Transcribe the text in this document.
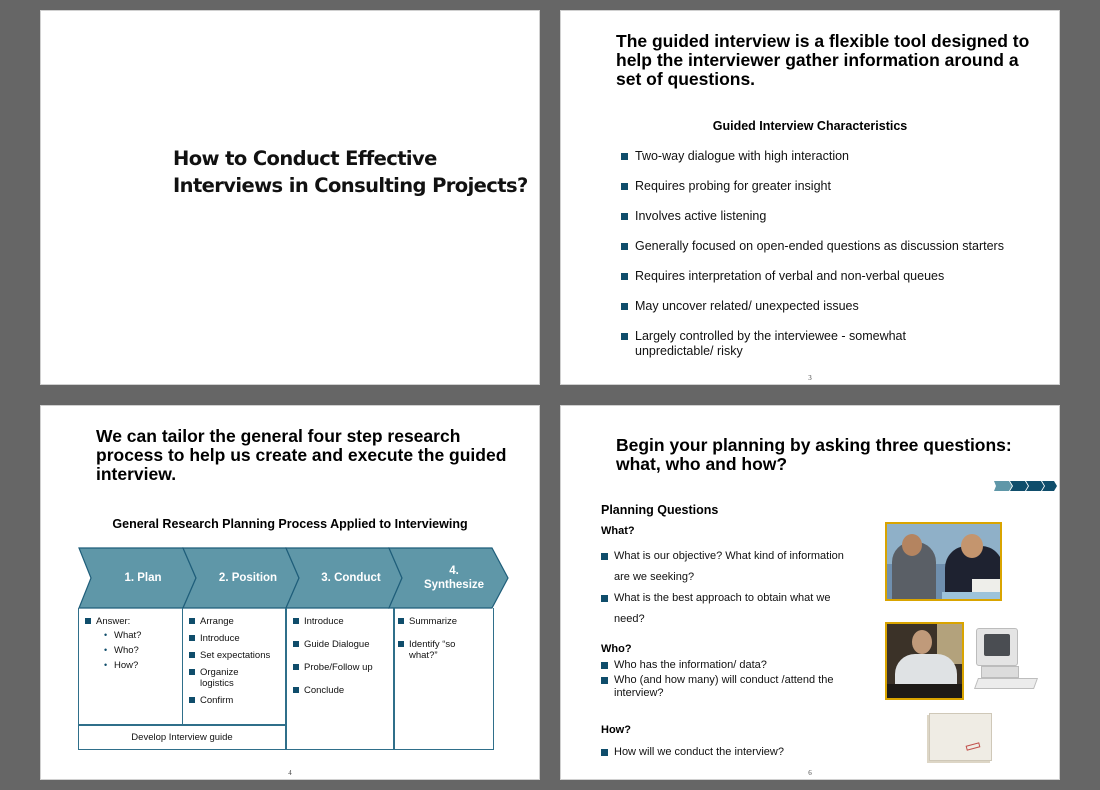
How to Conduct Effective Interviews in Consulting Projects?
The guided interview is a flexible tool designed to help the interviewer gather information around a set of questions.
Guided Interview Characteristics
Two-way dialogue with high interaction
Requires probing for greater insight
Involves active listening
Generally focused on open-ended questions as discussion starters
Requires interpretation of verbal and non-verbal queues
May uncover related/ unexpected issues
Largely controlled by the interviewee - somewhat unpredictable/ risky
3
We can tailor the general four step research process to help us create and execute the guided interview.
General Research Planning Process Applied to Interviewing
1. Plan	2. Position	3. Conduct
4.
Synthesize
Answer:
• What?
• Who?
• How?
Arrange
Introduce
Set expectations
Organize logistics
Confirm
Introduce
Guide Dialogue
Probe/Follow up
Conclude
Summarize
Identify “so what?”
Develop Interview guide
4
Begin your planning by asking three questions: what, who and how?
Planning Questions
What?
What is our objective? What kind of information are we seeking?
What is the best approach to obtain what we need?
Who?
Who has the information/ data?
Who (and how many) will conduct /attend the interview?
How?
How will we conduct the interview?
6
